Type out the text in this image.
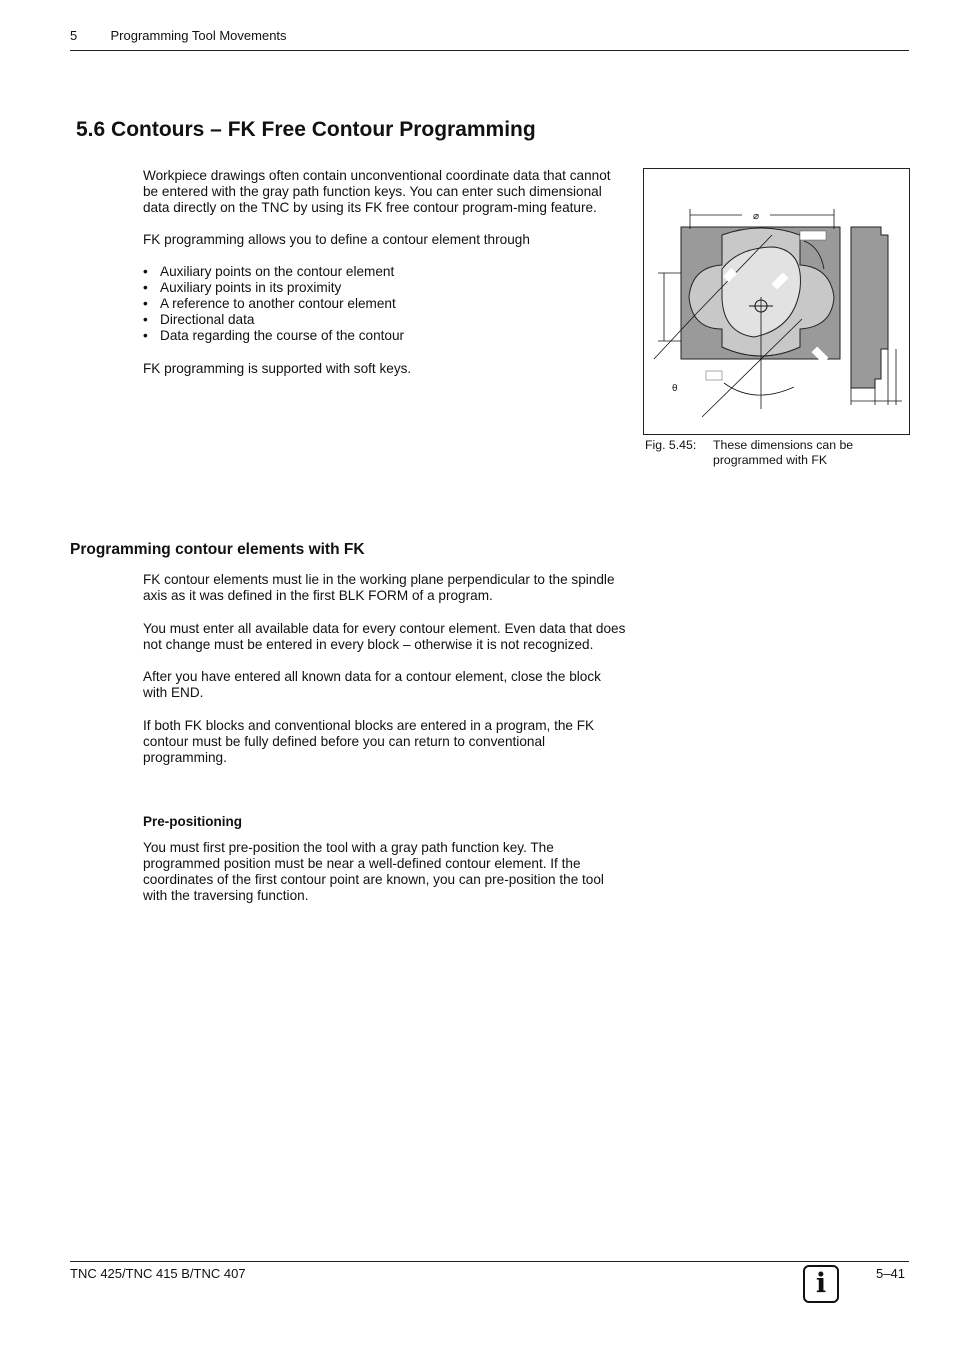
5	Programming Tool Movements
5.6 Contours – FK Free Contour Programming

Workpiece drawings often contain unconventional coordinate data that cannot be entered with the gray path function keys. You can enter such dimensional data directly on the TNC by using its FK free contour program-ming feature.

FK programming allows you to define a contour element through

• Auxiliary points on the contour element
• Auxiliary points in its proximity
• A reference to another contour element
• Directional data
• Data regarding the course of the contour

FK programming is supported with soft keys.

⌀
θ
Fig. 5.45: These dimensions can be programmed with FK
Programming contour elements with FK

FK contour elements must lie in the working plane perpendicular to the spindle axis as it was defined in the first BLK FORM of a program.

You must enter all available data for every contour element. Even data that does not change must be entered in every block – otherwise it is not recognized.

After you have entered all known data for a contour element, close the block with END.

If both FK blocks and conventional blocks are entered in a program, the FK contour must be fully defined before you can return to conventional programming.

Pre-positioning

You must first pre-position the tool with a gray path function key. The programmed position must be near a well-defined contour element. If the coordinates of the first contour point are known, you can pre-position the tool with the traversing function.

TNC 425/TNC 415 B/TNC 407	5–41
i
